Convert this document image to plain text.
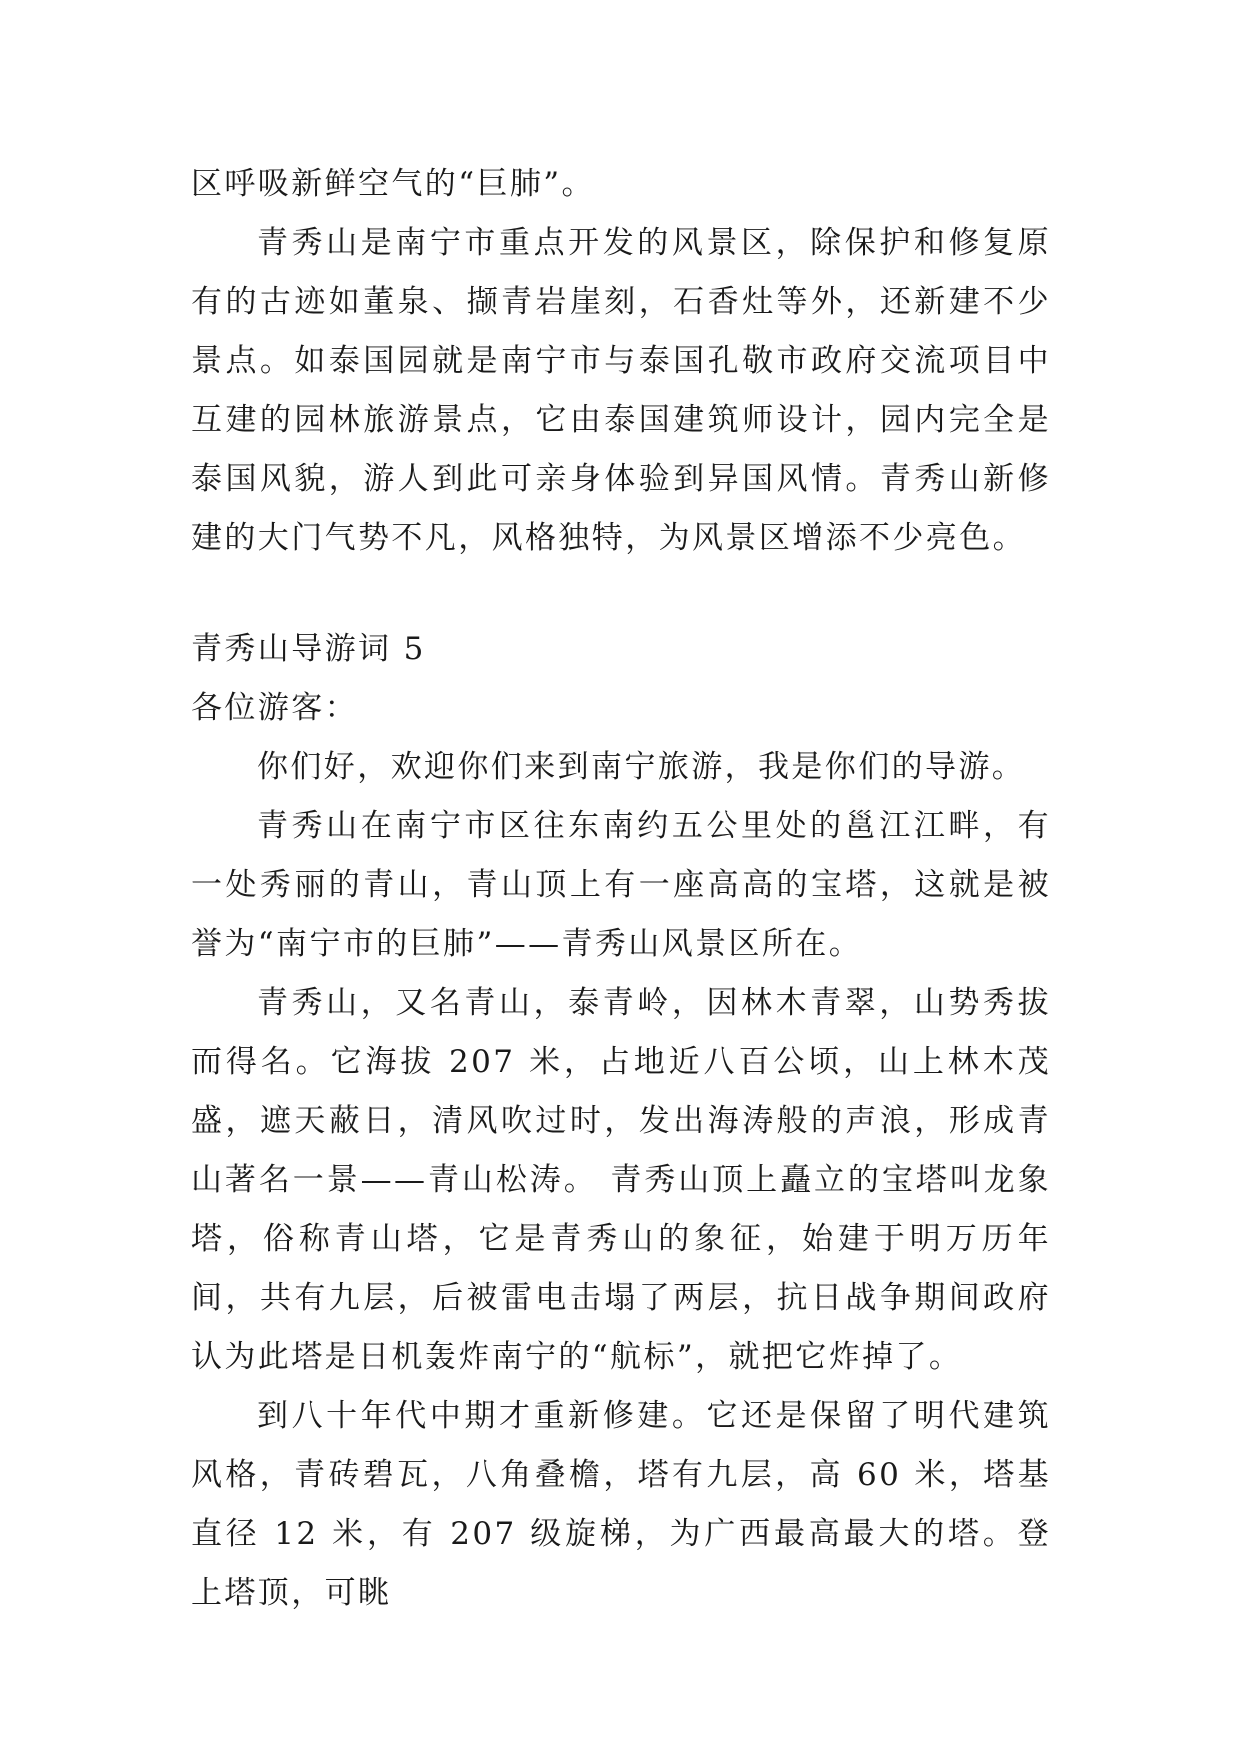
区呼吸新鲜空气的“巨肺”。

青秀山是南宁市重点开发的风景区，除保护和修复原有的古迹如董泉、撷青岩崖刻，石香灶等外，还新建不少景点。如泰国园就是南宁市与泰国孔敬市政府交流项目中互建的园林旅游景点，它由泰国建筑师设计，园内完全是泰国风貌，游人到此可亲身体验到异国风情。青秀山新修建的大门气势不凡，风格独特，为风景区增添不少亮色。

青秀山导游词 5

各位游客：

你们好，欢迎你们来到南宁旅游，我是你们的导游。

青秀山在南宁市区往东南约五公里处的邕江江畔，有一处秀丽的青山，青山顶上有一座高高的宝塔，这就是被誉为“南宁市的巨肺”——青秀山风景区所在。

青秀山，又名青山，泰青岭，因林木青翠，山势秀拔而得名。它海拔 207 米，占地近八百公顷，山上林木茂盛，遮天蔽日，清风吹过时，发出海涛般的声浪，形成青山著名一景——青山松涛。 青秀山顶上矗立的宝塔叫龙象塔，俗称青山塔，它是青秀山的象征，始建于明万历年间，共有九层，后被雷电击塌了两层，抗日战争期间政府认为此塔是日机轰炸南宁的“航标”，就把它炸掉了。

到八十年代中期才重新修建。它还是保留了明代建筑风格，青砖碧瓦，八角叠檐，塔有九层，高 60 米，塔基直径 12 米，有 207 级旋梯，为广西最高最大的塔。登上塔顶，可眺
